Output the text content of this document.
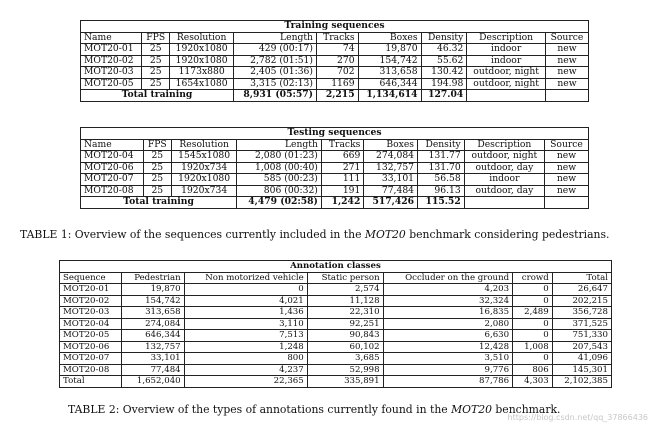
Training sequences								
Name	FPS	Resolution	Length	Tracks	Boxes	Density	Description	Source
MOT20-01	25	1920x1080	429 (00:17)	74	19,870	46.32	indoor	new
MOT20-02	25	1920x1080	2,782 (01:51)	270	154,742	55.62	indoor	new
MOT20-03	25	1173x880	2,405 (01:36)	702	313,658	130.42	outdoor, night	new
MOT20-05	25	1654x1080	3,315 (02:13)	1169	646,344	194.98	outdoor, night	new
Total training			8,931 (05:57)	2,215	1,134,614	127.04		
Testing sequences								
Name	FPS	Resolution	Length	Tracks	Boxes	Density	Description	Source
MOT20-04	25	1545x1080	2,080 (01:23)	669	274,084	131.77	outdoor, night	new
MOT20-06	25	1920x734	1,008 (00:40)	271	132,757	131.70	outdoor, day	new
MOT20-07	25	1920x1080	585 (00:23)	111	33,101	56.58	indoor	new
MOT20-08	25	1920x734	806 (00:32)	191	77,484	96.13	outdoor, day	new
Total training			4,479 (02:58)	1,242	517,426	115.52		
TABLE 1: Overview of the sequences currently included in the MOT20 benchmark considering pedestrians.
Annotation classes						
Sequence	Pedestrian	Non motorized vehicle	Static person	Occluder on the ground	crowd	Total
MOT20-01	19,870	0	2,574	4,203	0	26,647
MOT20-02	154,742	4,021	11,128	32,324	0	202,215
MOT20-03	313,658	1,436	22,310	16,835	2,489	356,728
MOT20-04	274,084	3,110	92,251	2,080	0	371,525
MOT20-05	646,344	7,513	90,843	6,630	0	751,330
MOT20-06	132,757	1,248	60,102	12,428	1,008	207,543
MOT20-07	33,101	800	3,685	3,510	0	41,096
MOT20-08	77,484	4,237	52,998	9,776	806	145,301
Total	1,652,040	22,365	335,891	87,786	4,303	2,102,385
TABLE 2: Overview of the types of annotations currently found in the MOT20 benchmark.
https://blog.csdn.net/qq_37866436
